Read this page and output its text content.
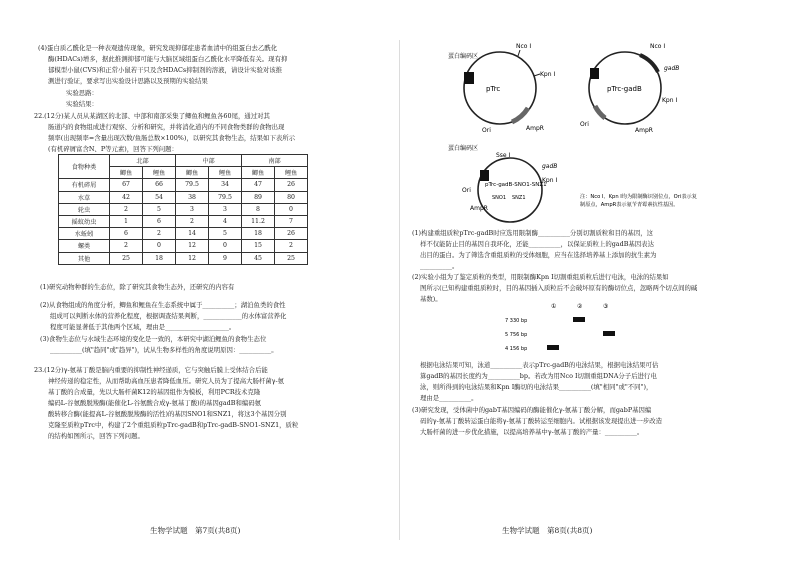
(4)蛋白质乙酰化是一种表观遗传现象，研究发现抑郁症患者血清中的组蛋白去乙酰化
酶(HDACs)增多，据此推测抑郁可能与大脑区域组蛋白乙酰化水平降低有关。现有抑
郁模型小鼠(CVS)和正常小鼠若干只及含HDACs抑制剂的溶液，请设计实验对该推
测进行验证，要求写出实验设计思路以及预期的实验结果
实验思路：
实验结果：
22.(12分)某人员从某湖区的北部、中部和南部采集了鲫鱼和鲤鱼各60尾，通过对其
肠道内的食物组成进行观察、分析和研究，并将消化道内的不同食物类群的食物出现
频率(出现频率=含量出现次数/鱼肠总数×100%)，以研究其食物生态，结果如下表所示
(有机碎屑富含N、P等元素)，回答下列问题：
食物种类	北部		中部		南部	
	鲫鱼	鲤鱼	鲫鱼	鲤鱼	鲫鱼	鲤鱼
有机碎屑	67	66	79.5	34	47	26
水草	42	54	38	79.5	89	80
轮虫	2	5	3	3	8	0
摇蚊幼虫	1	6	2	4	11.2	7
水蚯蚓	6	2	14	5	18	26
螺类	2	0	12	0	15	2
其他	25	18	12	9	45	25
(1)研究动物种群的生态位，除了研究其食物生态外，还研究的内容有
(2)从食物组成的角度分析，鲫鱼和鲤鱼在生态系统中属于__________；湖泊鱼类的食性
组成可以判断水体的营养化程度，根据调查结果判断，____________的水体富营养化
程度可能显著低于其他两个区域，理由是____________________。
(3)食物生态位与水域生态环境的变化是一致的，本研究中湖泊鲤鱼的食物生态位
__________(填"趋同"或"趋异")，试从生物多样性的角度说明原因：__________。
23.(12分)γ-氨基丁酸是脑内重要的抑制性神经递质，它与突触后膜上受体结合后能
神经传递的稳定性，从而帮助高血压患者降低血压。研究人员为了提高大肠杆菌γ-氨
基丁酸的合成量，先以大肠杆菌K12的基因组作为模板，利用PCR技术克隆
编码L-谷氨酸脱羧酶(能催化L-谷氨酸合成γ-氨基丁酸)的基因gadB和编码氨
酸转移合酶(能提高L-谷氨酸脱羧酶的活性)的基因SNO1和SNZ1，将这3个基因分别
克隆至质粒pTrc中，构建了2个重组质粒pTrc-gadB和pTrc-gadB-SNO1-SNZ1，质粒
的结构如图所示，回答下列问题。
生物学试题　第7页(共8页)
蛋白编码区
pTrc
Nco I
Kpn I
AmpR
Ori
pTrc-gadB
Nco I
gadB
Kpn I
Ori
AmpR
蛋白编码区
pTrc-gadB-SNO1-SNZ1
Sse I
Kpn I
gadB
SNO1 SNZ1
Ori
AmpR
注：Nco I、Kpn I均为限制酶识别位点，Ori表示复
制原点，AmpR表示氨苄青霉素抗性基因。
(1)构建重组质粒pTrc-gadB时应选用限制酶__________分别切割质粒和目的基因，这
样不仅能防止目的基因自我环化，还能__________，以保证质粒上的gadB基因表达
出目的蛋白。为了筛选含重组质粒的受体细胞，应当在选择培养基上添加的抗生素为
__________。
(2)实验小组为了鉴定质粒的类型，用限制酶Kpn I切割重组质粒后进行电泳，电泳的结果如
图所示(已知构建重组质粒时，目的基因插入质粒后不会破坏原有的酶切位点，忽略两个切点间的碱
基数)。
根据电泳结果可知，泳道__________表示pTrc-gadB的电泳结果，根据电泳结果可估
算gadB的基因长度约为__________bp。若改为用Nco I切割重组DNA分子后进行电
泳，则所得到的电泳结果和Kpn I酶切的电泳结果__________(填"相同"或"不同")，
理由是__________。
(3)研究发现，受体菌中的gabT基因编码的酶能催化γ-氨基丁酸分解，而gabP基因编
码的γ-氨基丁酸转运蛋白能将γ-氨基丁酸转运至细胞内。试根据该发现提出进一步改造
大肠杆菌的进一步优化措施，以提高培养基中γ-氨基丁酸的产量：__________。
生物学试题　第8页(共8页)
①	②	③
7 330 bp
5 756 bp
4 156 bp
